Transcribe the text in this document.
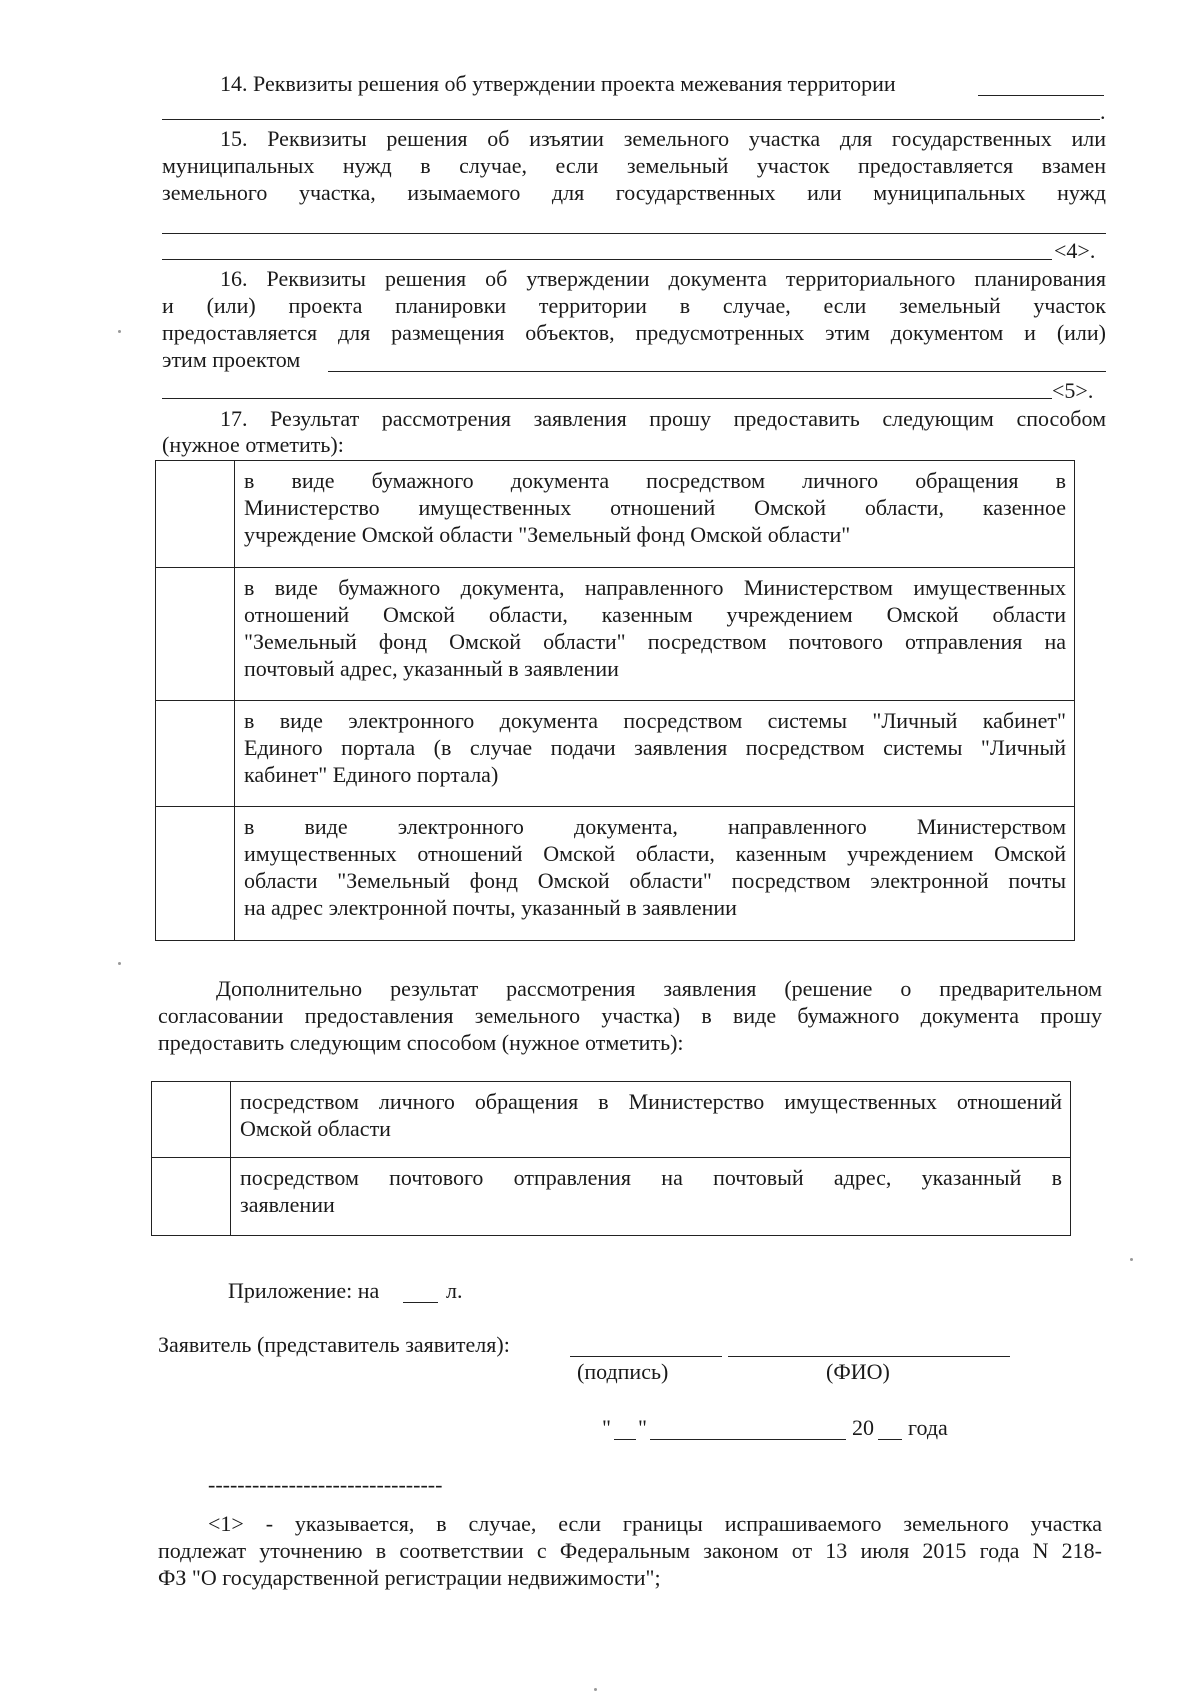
14. Реквизиты решения об утверждении проекта межевания территории
.
15. Реквизиты решения об изъятии земельного участка для государственных или
муниципальных нужд в случае, если земельный участок предоставляется взамен
земельного участка, изымаемого для государственных или муниципальных нужд
<4>.
16. Реквизиты решения об утверждении документа территориального планирования
и (или) проекта планировки территории в случае, если земельный участок
предоставляется для размещения объектов, предусмотренных этим документом и (или)
этим проектом
<5>.
17. Результат рассмотрения заявления прошу предоставить следующим способом
(нужное отметить):

	в виде бумажного документа посредством личного обращения в
Министерство имущественных отношений Омской области, казенное
учреждение Омской области "Земельный фонд Омской области"

	в виде бумажного документа, направленного Министерством имущественных
отношений Омской области, казенным учреждением Омской области
"Земельный фонд Омской области" посредством почтового отправления на
почтовый адрес, указанный в заявлении

	в виде электронного документа посредством системы "Личный кабинет"
Единого портала (в случае подачи заявления посредством системы "Личный
кабинет" Единого портала)

	в виде электронного документа, направленного Министерством
имущественных отношений Омской области, казенным учреждением Омской
области "Земельный фонд Омской области" посредством электронной почты
на адрес электронной почты, указанный в заявлении
Дополнительно результат рассмотрения заявления (решение о предварительном
согласовании предоставления земельного участка) в виде бумажного документа прошу
предоставить следующим способом (нужное отметить):

	посредством личного обращения в Министерство имущественных отношений
Омской области

	посредством почтового отправления на почтовый адрес, указанный в
заявлении
Приложение: на	л.
Заявитель (представитель заявителя):
(подпись)	(ФИО)
" "	20 года
--------------------------------
<1> - указывается, в случае, если границы испрашиваемого земельного участка
подлежат уточнению в соответствии с Федеральным законом от 13 июля 2015 года N 218-
ФЗ "О государственной регистрации недвижимости";
